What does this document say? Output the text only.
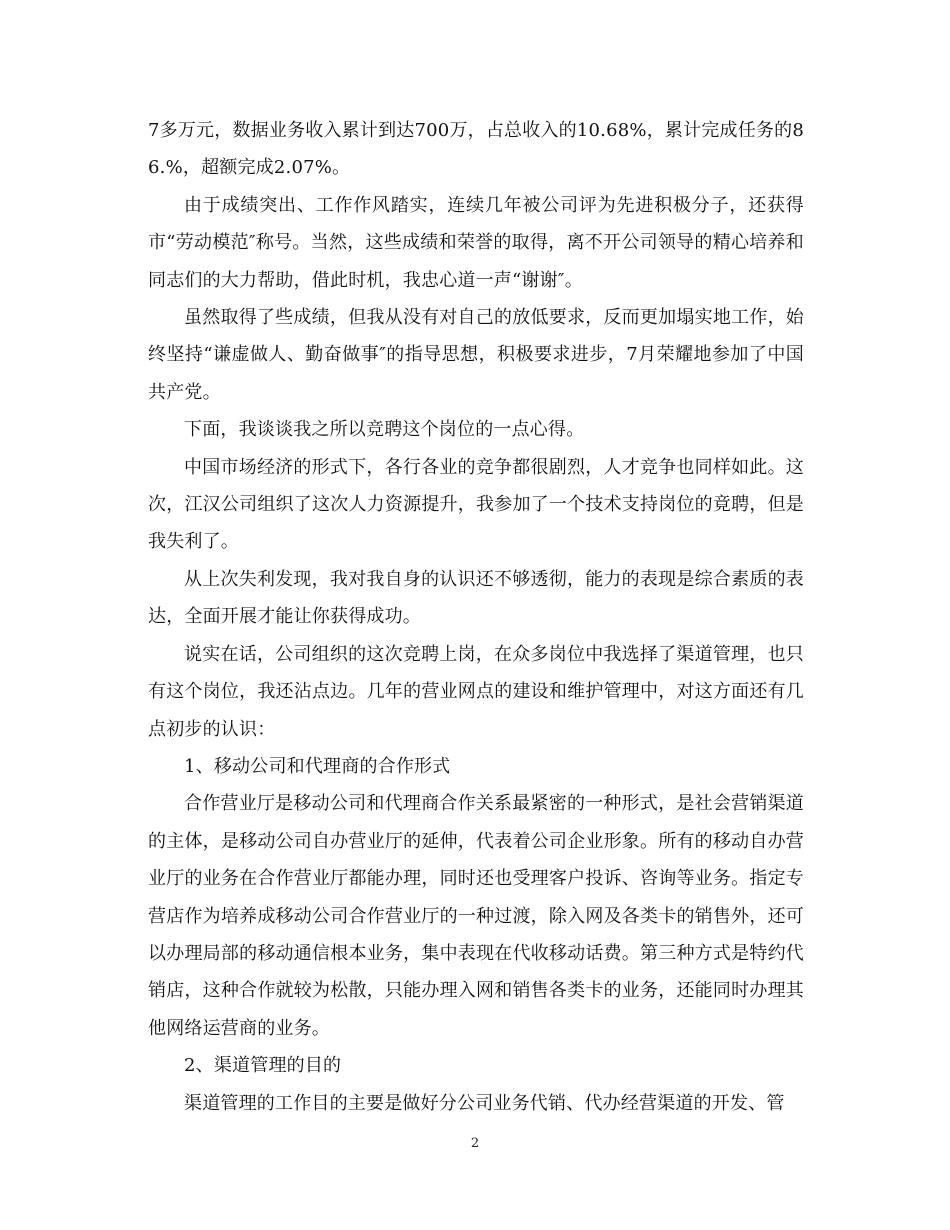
7多万元，数据业务收入累计到达700万，占总收入的10.68%，累计完成任务的86.%，超额完成2.07%。

由于成绩突出、工作作风踏实，连续几年被公司评为先进积极分子，还获得市“劳动模范″称号。当然，这些成绩和荣誉的取得，离不开公司领导的精心培养和同志们的大力帮助，借此时机，我忠心道一声“谢谢″。

虽然取得了些成绩，但我从没有对自己的放低要求，反而更加塌实地工作，始终坚持“谦虚做人、勤奋做事″的指导思想，积极要求进步，7月荣耀地参加了中国共产党。

下面，我谈谈我之所以竞聘这个岗位的一点心得。

中国市场经济的形式下，各行各业的竞争都很剧烈，人才竞争也同样如此。这次，江汉公司组织了这次人力资源提升，我参加了一个技术支持岗位的竟聘，但是我失利了。

从上次失利发现，我对我自身的认识还不够透彻，能力的表现是综合素质的表达，全面开展才能让你获得成功。

说实在话，公司组织的这次竞聘上岗，在众多岗位中我选择了渠道管理，也只有这个岗位，我还沾点边。几年的营业网点的建设和维护管理中，对这方面还有几点初步的认识：

1、移动公司和代理商的合作形式

合作营业厅是移动公司和代理商合作关系最紧密的一种形式，是社会营销渠道的主体，是移动公司自办营业厅的延伸，代表着公司企业形象。所有的移动自办营业厅的业务在合作营业厅都能办理，同时还也受理客户投诉、咨询等业务。指定专营店作为培养成移动公司合作营业厅的一种过渡，除入网及各类卡的销售外，还可以办理局部的移动通信根本业务，集中表现在代收移动话费。第三种方式是特约代销店，这种合作就较为松散，只能办理入网和销售各类卡的业务，还能同时办理其他网络运营商的业务。

2、渠道管理的目的

渠道管理的工作目的主要是做好分公司业务代销、代办经营渠道的开发、管

2
